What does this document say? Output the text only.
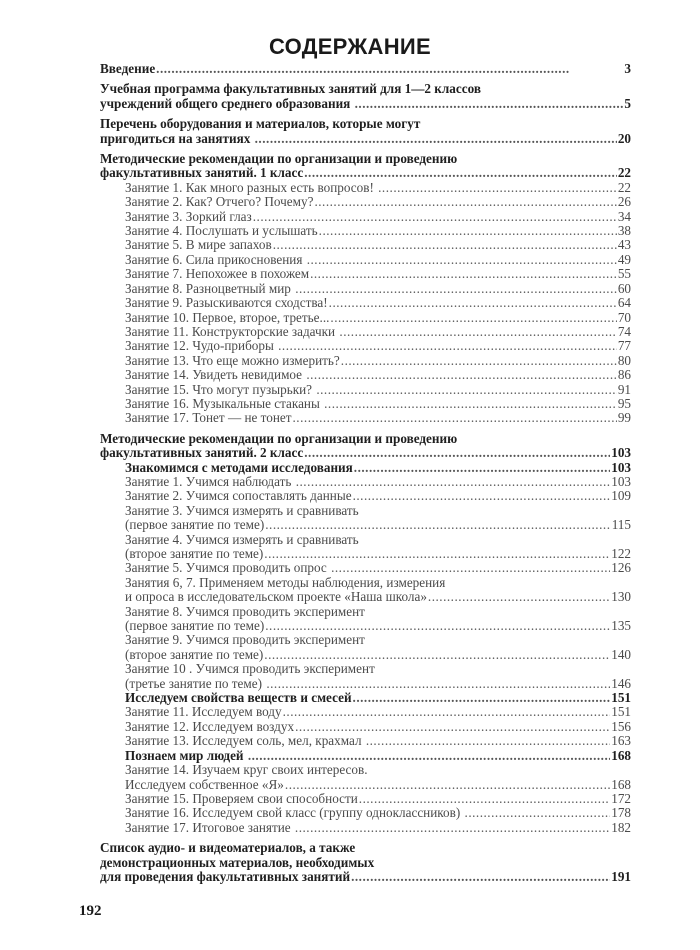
СОДЕРЖАНИЕ
Введение . . .	3
Учебная программа факультативных занятий для 1—2 классов
учреждений общего среднего образования . . .	5
Перечень оборудования и материалов, которые могут
пригодиться на занятиях . . .	20
Методические рекомендации по организации и проведению
факультативных занятий. 1 класс . . .	22
Занятие 1. Как много разных есть вопросов! . . .	22
Занятие 2. Как? Отчего? Почему? . . .	26
Занятие 3. Зоркий глаз . . .	34
Занятие 4. Послушать и услышать . . .	38
Занятие 5. В мире запахов . . .	43
Занятие 6. Сила прикосновения . . .	49
Занятие 7. Непохожее в похожем . . .	55
Занятие 8. Разноцветный мир . . .	60
Занятие 9. Разыскиваются сходства! . . .	64
Занятие 10. Первое, второе, третье... . . .	70
Занятие 11. Конструкторские задачки . . .	74
Занятие 12. Чудо-приборы . . .	77
Занятие 13. Что еще можно измерить? . . .	80
Занятие 14. Увидеть невидимое . . .	86
Занятие 15. Что могут пузырьки? . . .	91
Занятие 16. Музыкальные стаканы . . .	95
Занятие 17. Тонет — не тонет . . .	99
Методические рекомендации по организации и проведению
факультативных занятий. 2 класс . . .	103
Знакомимся с методами исследования . . .	103
Занятие 1. Учимся наблюдать . . .	103
Занятие 2. Учимся сопоставлять данные . . .	109
Занятие 3. Учимся измерять и сравнивать
(первое занятие по теме) . . .	115
Занятие 4. Учимся измерять и сравнивать
(второе занятие по теме) . . .	122
Занятие 5. Учимся проводить опрос . . .	126
Занятия 6, 7. Применяем методы наблюдения, измерения
и опроса в исследовательском проекте «Наша школа» . . .	130
Занятие 8. Учимся проводить эксперимент
(первое занятие по теме) . . .	135
Занятие 9. Учимся проводить эксперимент
(второе занятие по теме) . . .	140
Занятие 10 . Учимся проводить эксперимент
(третье занятие по теме) . . .	146
Исследуем свойства веществ и смесей . . .	151
Занятие 11. Исследуем воду . . .	151
Занятие 12. Исследуем воздух . . .	156
Занятие 13. Исследуем соль, мел, крахмал . . .	163
Познаем мир людей . . .	168
Занятие 14. Изучаем круг своих интересов.
Исследуем собственное «Я» . . .	168
Занятие 15. Проверяем свои способности . . .	172
Занятие 16. Исследуем свой класс (группу одноклассников) . . .	178
Занятие 17. Итоговое занятие . . .	182
Список аудио- и видеоматериалов, а также
демонстрационных материалов, необходимых
для проведения факультативных занятий . . .	191
192
